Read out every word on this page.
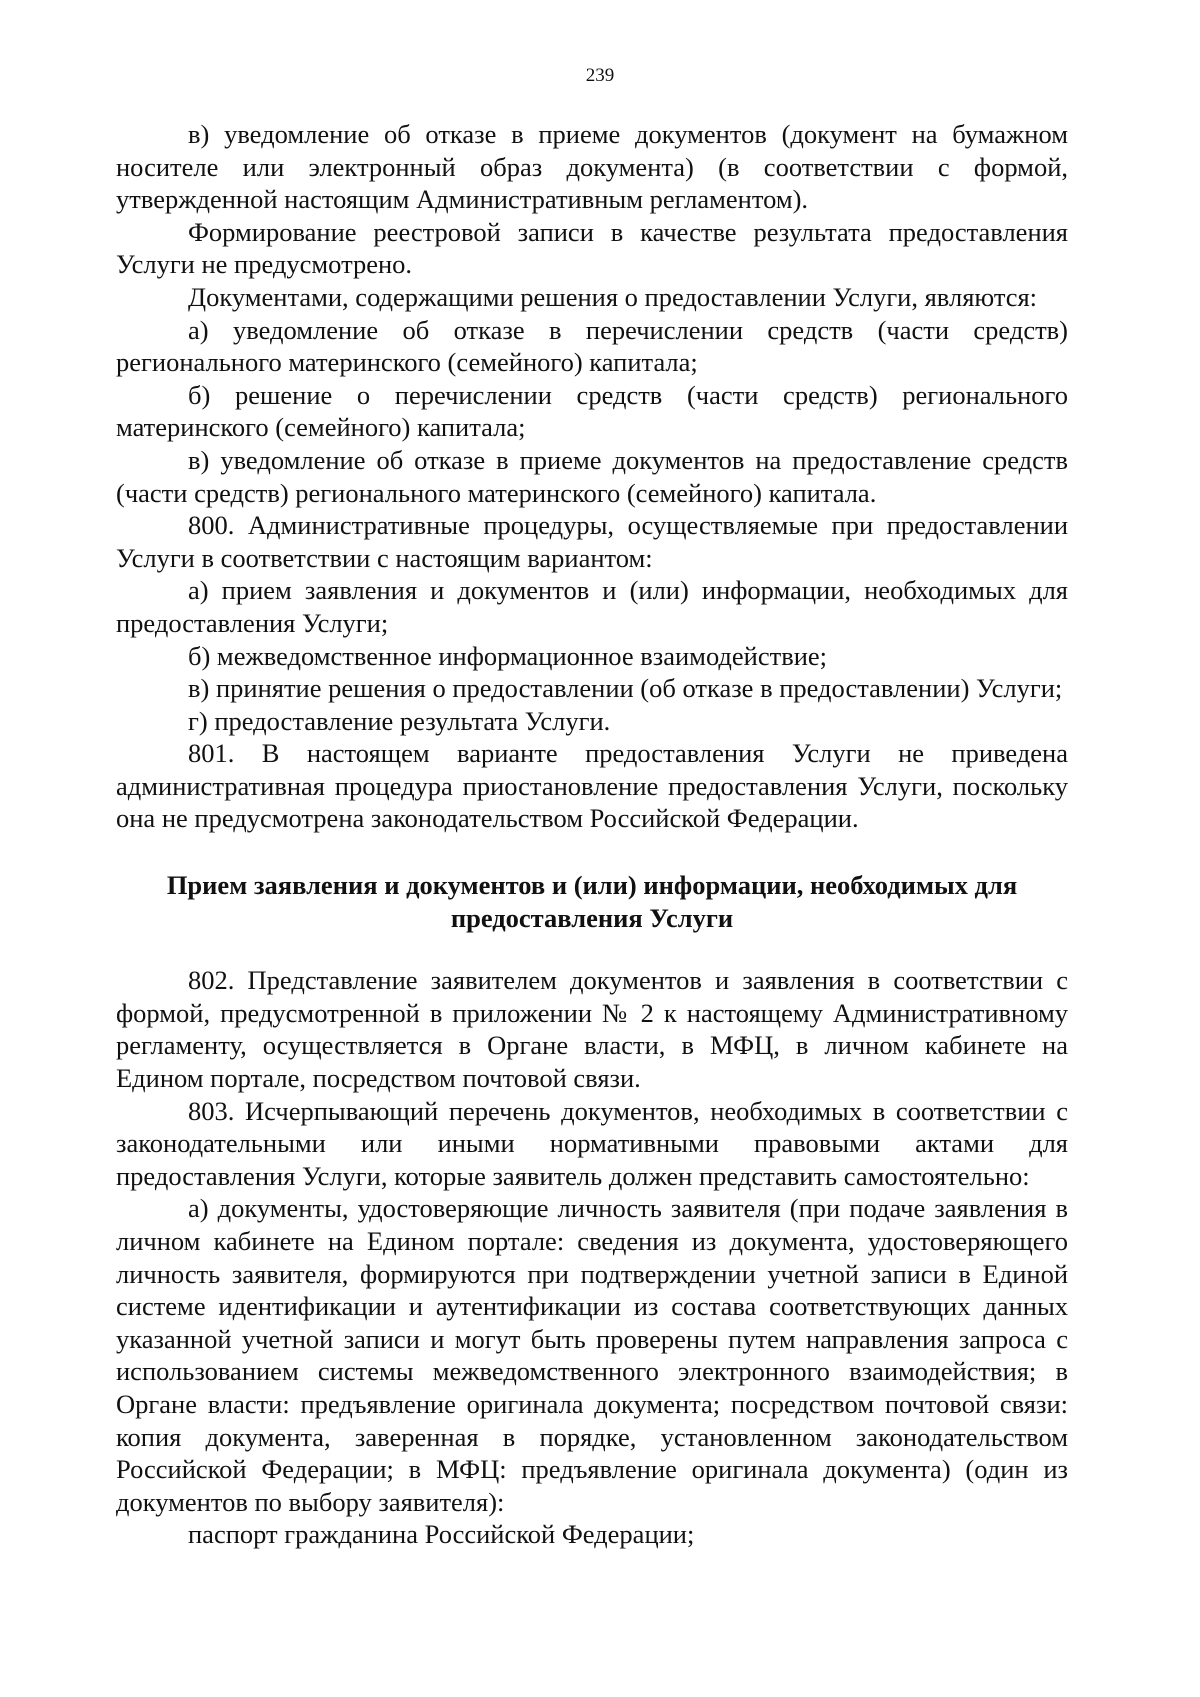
239

в) уведомление об отказе в приеме документов (документ на бумажном носителе или электронный образ документа) (в соответствии с формой, утвержденной настоящим Административным регламентом).

Формирование реестровой записи в качестве результата предоставления Услуги не предусмотрено.

Документами, содержащими решения о предоставлении Услуги, являются:

а) уведомление об отказе в перечислении средств (части средств) регионального материнского (семейного) капитала;

б) решение о перечислении средств (части средств) регионального материнского (семейного) капитала;

в) уведомление об отказе в приеме документов на предоставление средств (части средств) регионального материнского (семейного) капитала.

800. Административные процедуры, осуществляемые при предоставлении Услуги в соответствии с настоящим вариантом:

а) прием заявления и документов и (или) информации, необходимых для предоставления Услуги;

б) межведомственное информационное взаимодействие;

в) принятие решения о предоставлении (об отказе в предоставлении) Услуги;

г) предоставление результата Услуги.

801. В настоящем варианте предоставления Услуги не приведена административная процедура приостановление предоставления Услуги, поскольку она не предусмотрена законодательством Российской Федерации.

Прием заявления и документов и (или) информации, необходимых для
предоставления Услуги

802. Представление заявителем документов и заявления в соответствии с формой, предусмотренной в приложении № 2 к настоящему Административному регламенту, осуществляется в Органе власти, в МФЦ, в личном кабинете на Едином портале, посредством почтовой связи.

803. Исчерпывающий перечень документов, необходимых в соответствии с законодательными или иными нормативными правовыми актами для предоставления Услуги, которые заявитель должен представить самостоятельно:

а) документы, удостоверяющие личность заявителя (при подаче заявления в личном кабинете на Едином портале: сведения из документа, удостоверяющего личность заявителя, формируются при подтверждении учетной записи в Единой системе идентификации и аутентификации из состава соответствующих данных указанной учетной записи и могут быть проверены путем направления запроса с использованием системы межведомственного электронного взаимодействия; в Органе власти: предъявление оригинала документа; посредством почтовой связи: копия документа, заверенная в порядке, установленном законодательством Российской Федерации; в МФЦ: предъявление оригинала документа) (один из документов по выбору заявителя):

паспорт гражданина Российской Федерации;
